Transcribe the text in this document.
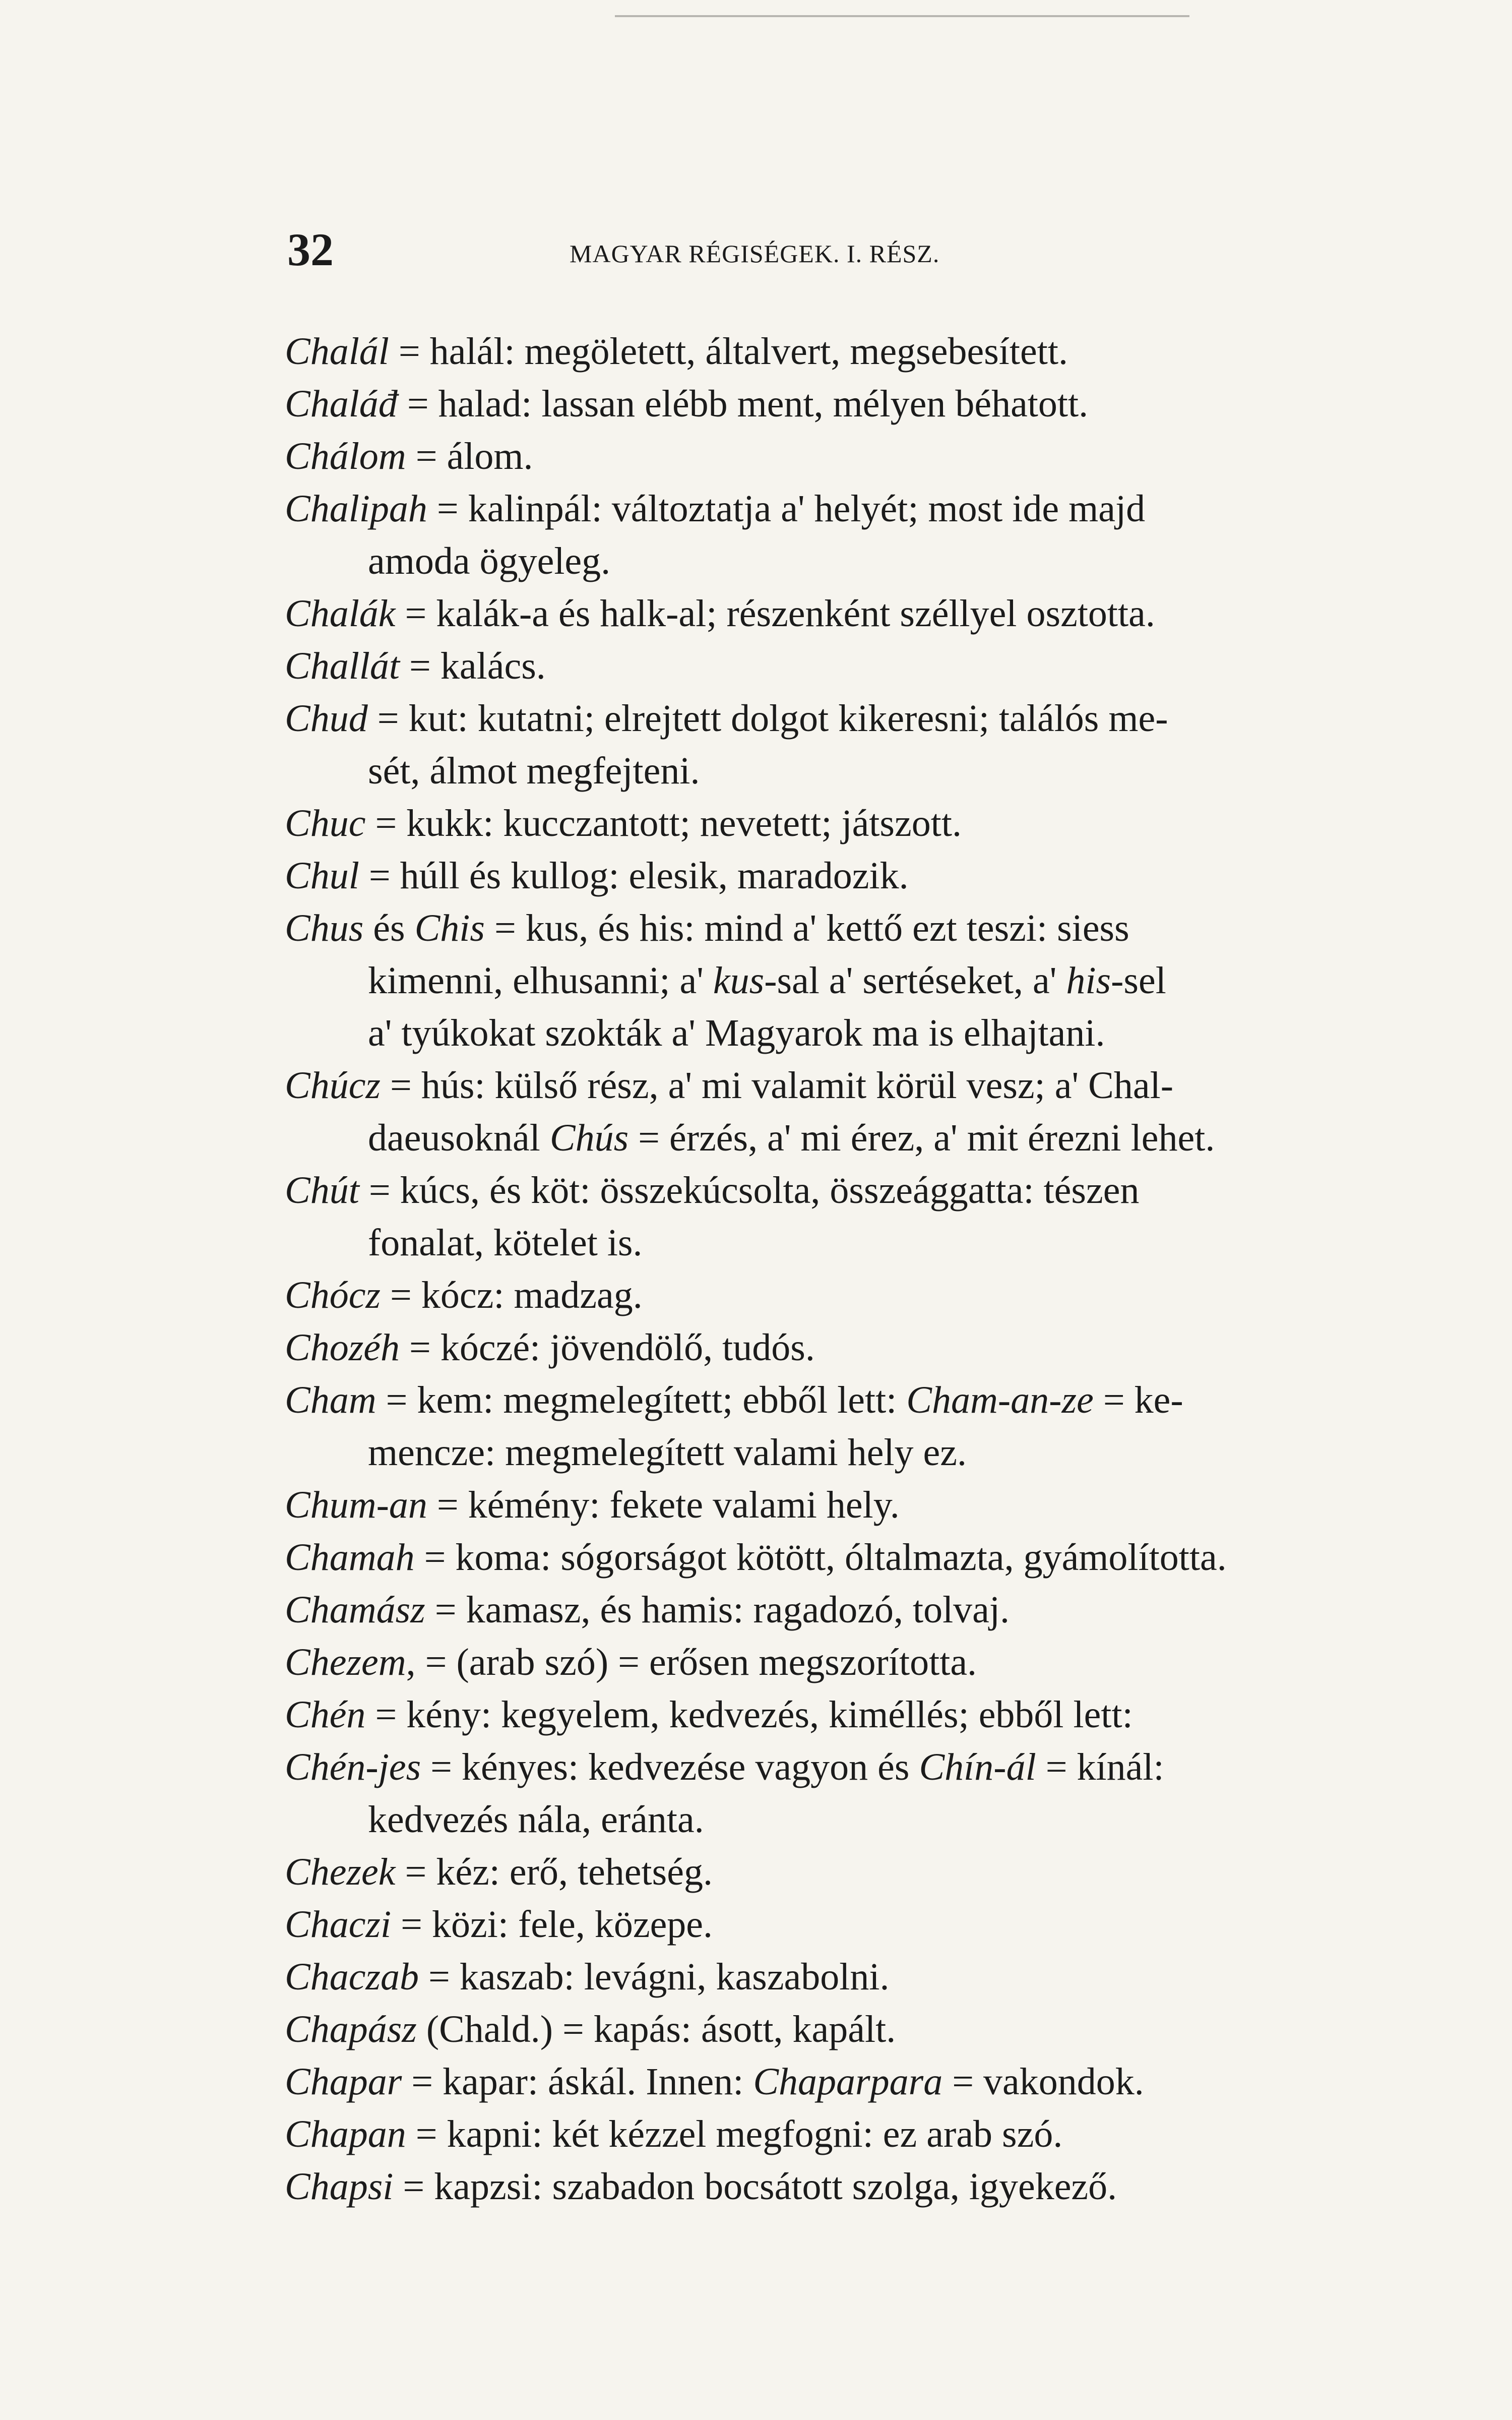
32	MAGYAR RÉGISÉGEK. I. RÉSZ.
Chalál = halál: megöletett, általvert, megsebesített.
Chaláđ = halad: lassan elébb ment, mélyen béhatott.
Chálom = álom.
Chalipah = kalinpál: változtatja a' helyét; most ide majd
amoda ögyeleg.
Chalák = kalák-a és halk-al; részenként széllyel osztotta.
Challát = kalács.
Chud = kut: kutatni; elrejtett dolgot kikeresni; találós me-
sét, álmot megfejteni.
Chuc = kukk: kucczantott; nevetett; játszott.
Chul = húll és kullog: elesik, maradozik.
Chus és Chis = kus, és his: mind a' kettő ezt teszi: siess
kimenni, elhusanni; a' kus-sal a' sertéseket, a' his-sel
a' tyúkokat szokták a' Magyarok ma is elhajtani.
Chúcz = hús: külső rész, a' mi valamit körül vesz; a' Chal-
daeusoknál Chús = érzés, a' mi érez, a' mit érezni lehet.
Chút = kúcs, és köt: összekúcsolta, összeággatta: tészen
fonalat, kötelet is.
Chócz = kócz: madzag.
Chozéh = kóczé: jövendölő, tudós.
Cham = kem: megmelegített; ebből lett: Cham-an-ze = ke-
mencze: megmelegített valami hely ez.
Chum-an = kémény: fekete valami hely.
Chamah = koma: sógorságot kötött, óltalmazta, gyámolította.
Chamász = kamasz, és hamis: ragadozó, tolvaj.
Chezem, = (arab szó) = erősen megszorította.
Chén = kény: kegyelem, kedvezés, kiméllés; ebből lett:
Chén-jes = kényes: kedvezése vagyon és Chín-ál = kínál:
kedvezés nála, eránta.
Chezek = kéz: erő, tehetség.
Chaczi = közi: fele, közepe.
Chaczab = kaszab: levágni, kaszabolni.
Chapász (Chald.) = kapás: ásott, kapált.
Chapar = kapar: áskál. Innen: Chaparpara = vakondok.
Chapan = kapni: két kézzel megfogni: ez arab szó.
Chapsi = kapzsi: szabadon bocsátott szolga, igyekező.
